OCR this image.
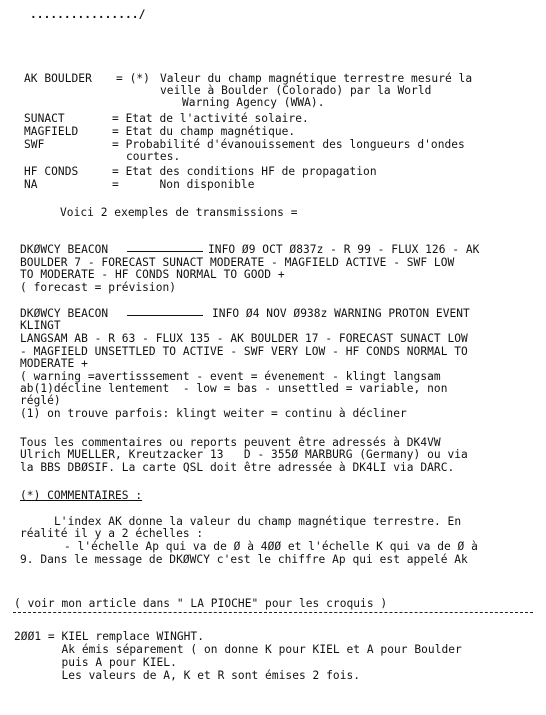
................/
AK BOULDER = (*) Valeur du champ magnétique terrestre mesuré la
veille à Boulder (Colorado) par la World
Warning Agency (WWA).
SUNACT	= Etat de l'activité solaire.
MAGFIELD	= Etat du champ magnétique.
SWF	= Probabilité d'évanouissement des longueurs d'ondes
courtes.
HF CONDS	= Etat des conditions HF de propagation
NA	=      Non disponible
Voici 2 exemples de transmissions =
DKØWCY BEACON	INFO Ø9 OCT Ø837z - R 99 - FLUX 126 - AK
BOULDER 7 - FORECAST SUNACT MODERATE - MAGFIELD ACTIVE - SWF LOW
TO MODERATE - HF CONDS NORMAL TO GOOD +
( forecast = prévision)
DKØWCY BEACON	INFO Ø4 NOV Ø938z WARNING PROTON EVENT
KLINGT
LANGSAM AB - R 63 - FLUX 135 - AK BOULDER 17 - FORECAST SUNACT LOW
- MAGFIELD UNSETTLED TO ACTIVE - SWF VERY LOW - HF CONDS NORMAL TO
MODERATE +
( warning =avertisssement - event = évenement - klingt langsam
ab(1)décline lentement  - low = bas - unsettled = variable, non
réglé)
(1) on trouve parfois: klingt weiter = continu à décliner
Tous les commentaires ou reports peuvent être adressés à DK4VW
Ulrich MUELLER, Kreutzacker 13   D - 355Ø MARBURG (Germany) ou via
la BBS DBØSIF. La carte QSL doit être adressée à DK4LI via DARC.
(*) COMMENTAIRES :
L'index AK donne la valeur du champ magnétique terrestre. En
réalité il y a 2 échelles :
- l'échelle Ap qui va de Ø à 4ØØ et l'échelle K qui va de Ø à
9. Dans le message de DKØWCY c'est le chiffre Ap qui est appelé Ak
( voir mon article dans " LA PIOCHE" pour les croquis )
2ØØ1 = KIEL remplace WINGHT.
Ak émis séparement ( on donne K pour KIEL et A pour Boulder
puis A pour KIEL.
Les valeurs de A, K et R sont émises 2 fois.
